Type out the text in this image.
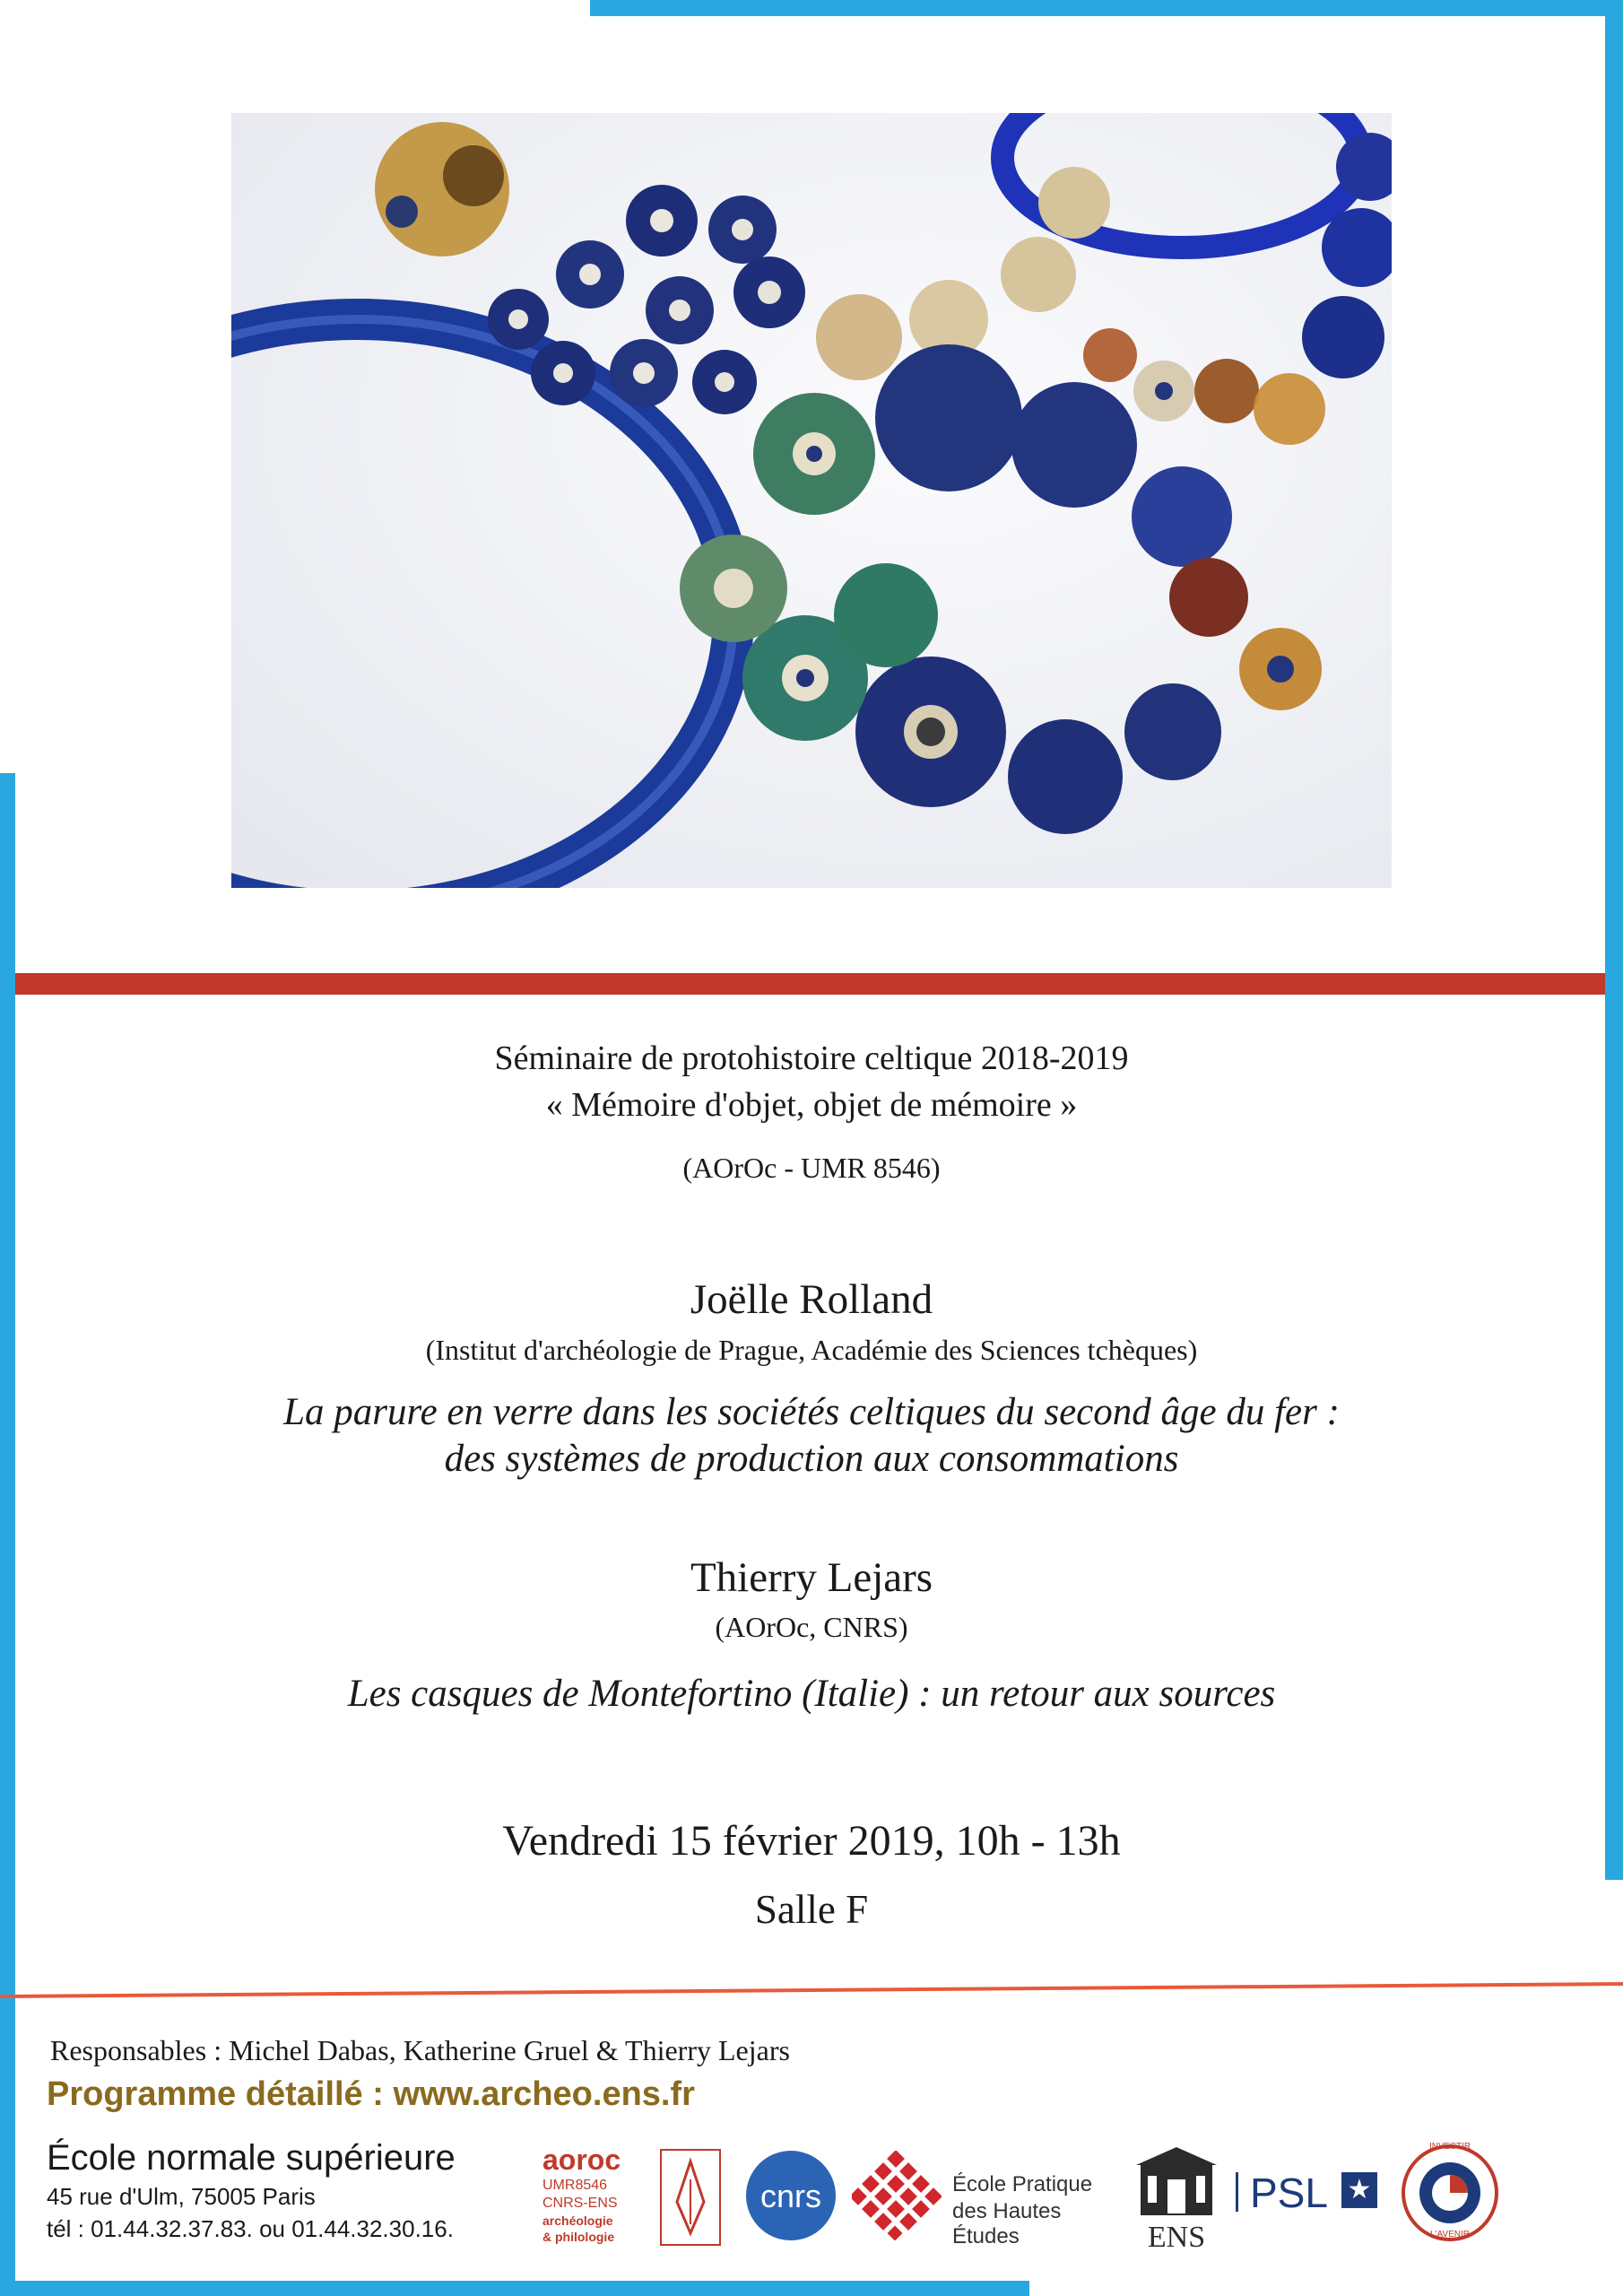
Séminaire de protohistoire celtique 2018-2019
« Mémoire d'objet, objet de mémoire »
(AOrOc - UMR 8546)
Joëlle Rolland
(Institut d'archéologie de Prague, Académie des Sciences tchèques)
La parure en verre dans les sociétés celtiques du second âge du fer :
des systèmes de production aux consommations
Thierry Lejars
(AOrOc, CNRS)
Les casques de Montefortino (Italie) : un retour aux sources
Vendredi 15 février 2019, 10h - 13h
Salle F
Responsables : Michel Dabas, Katherine Gruel & Thierry Lejars
Programme détaillé : www.archeo.ens.fr
École normale supérieure
45 rue d'Ulm, 75005 Paris
tél : 01.44.32.37.83. ou 01.44.32.30.16.
aoroc
UMR8546
CNRS-ENS
archéologie
& philologie
cnrs	École Pratique
des Hautes Études	ENS
PSL ★
INVESTIR
L'AVENIR
